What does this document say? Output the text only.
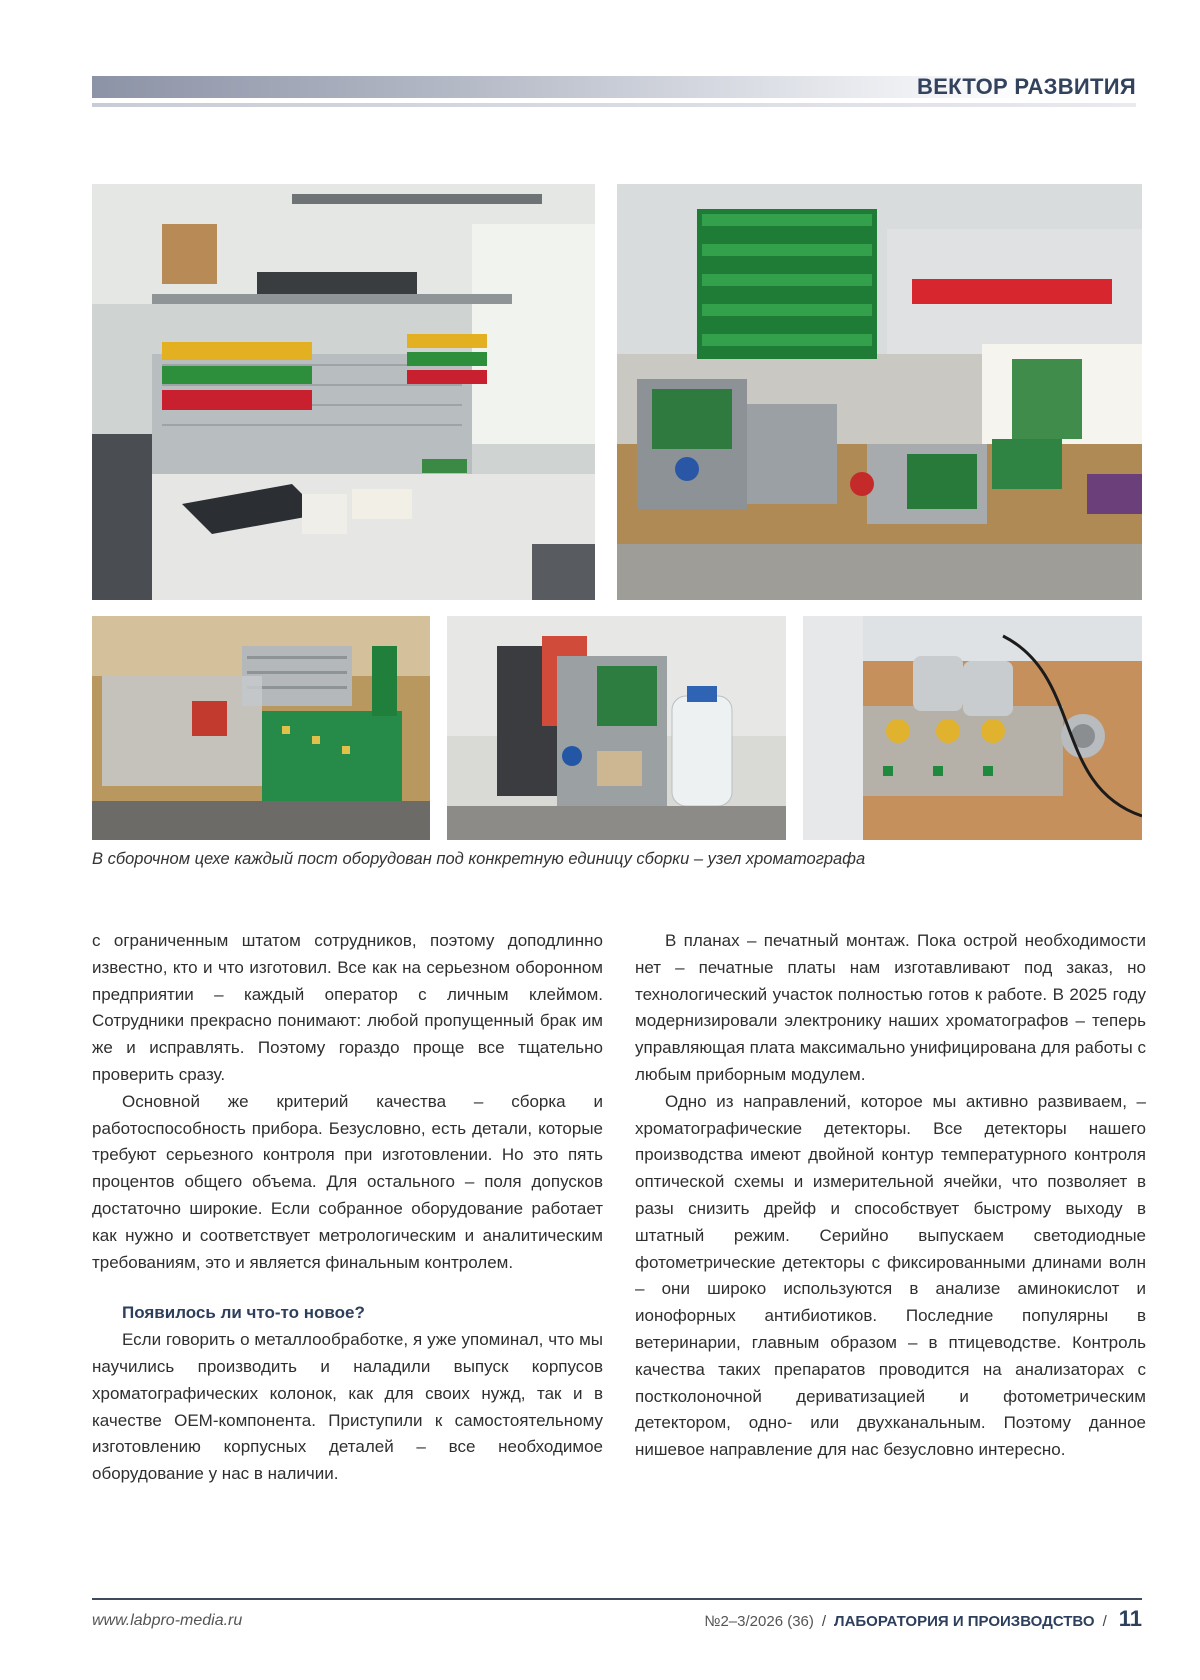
ВЕКТОР РАЗВИТИЯ
В сборочном цехе каждый пост оборудован под конкретную единицу сборки – узел хроматографа

с ограниченным штатом сотрудников, поэтому доподлинно известно, кто и что изготовил. Все как на серьезном оборонном предприятии – каждый оператор с личным клеймом. Сотрудники прекрасно понимают: любой пропущенный брак им же и исправлять. Поэтому гораздо проще все тщательно проверить сразу.

Основной же критерий качества – сборка и работоспособность прибора. Безусловно, есть детали, которые требуют серьезного контроля при изготовлении. Но это пять процентов общего объема. Для остального – поля допусков достаточно широкие. Если собранное оборудование работает как нужно и соответствует метрологическим и аналитическим требованиям, это и является финальным контролем.

Появилось ли что-то новое?

Если говорить о металлообработке, я уже упоминал, что мы научились производить и наладили выпуск корпусов хроматографических колонок, как для своих нужд, так и в качестве ОЕМ-компонента. Приступили к самостоятельному изготовлению корпусных деталей – все необходимое оборудование у нас в наличии.

В планах – печатный монтаж. Пока острой необходимости нет – печатные платы нам изготавливают под заказ, но технологический участок полностью готов к работе. В 2025 году модернизировали электронику наших хроматографов – теперь управляющая плата максимально унифицирована для работы с любым приборным модулем.

Одно из направлений, которое мы активно развиваем, – хроматографические детекторы. Все детекторы нашего производства имеют двойной контур температурного контроля оптической схемы и измерительной ячейки, что позволяет в разы снизить дрейф и способствует быстрому выходу в штатный режим. Серийно выпускаем светодиодные фотометрические детекторы с фиксированными длинами волн – они широко используются в анализе аминокислот и ионофорных антибиотиков. Последние популярны в ветеринарии, главным образом – в птицеводстве. Контроль качества таких препаратов проводится на анализаторах с постколоночной дериватизацией и фотометрическим детектором, одно- или двухканальным. Поэтому данное нишевое направление для нас безусловно интересно.

www.labpro-media.ru	№2–3/2026 (36) / ЛАБОРАТОРИЯ И ПРОИЗВОДСТВО / 11
